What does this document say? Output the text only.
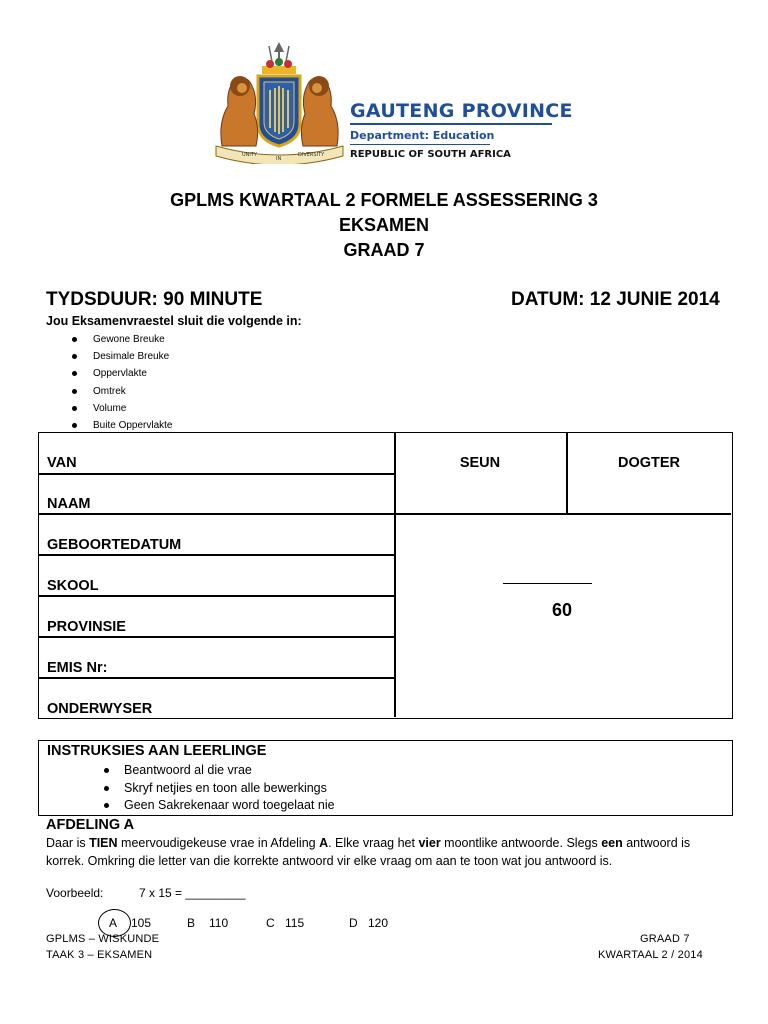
UNITY
IN
DIVERSITY
GAUTENG PROVINCE
Department: Education
REPUBLIC OF SOUTH AFRICA
GPLMS KWARTAAL 2 FORMELE ASSESSERING 3
EKSAMEN
GRAAD 7
TYDSDUUR: 90 MINUTE	DATUM: 12 JUNIE 2014
Jou Eksamenvraestel sluit die volgende in:
Gewone Breuke
Desimale Breuke
Oppervlakte
Omtrek
Volume
Buite Oppervlakte
VAN
NAAM
GEBOORTEDATUM
SKOOL
PROVINSIE
EMIS Nr:
ONDERWYSER
SEUN	DOGTER
60
INSTRUKSIES AAN LEERLINGE
Beantwoord al die vrae
Skryf netjies en toon alle bewerkings
Geen Sakrekenaar word toegelaat nie
AFDELING A
Daar is TIEN meervoudigekeuse vrae in Afdeling A. Elke vraag het vier moontlike antwoorde. Slegs een antwoord is korrek. Omkring die letter van die korrekte antwoord vir elke vraag om aan te toon wat jou antwoord is.
Voorbeeld:	7 x 15 = _________
A 105	B 110	C 115	D 120
GPLMS – WISKUNDE
TAAK 3 – EKSAMEN
GRAAD 7
KWARTAAL 2 / 2014
